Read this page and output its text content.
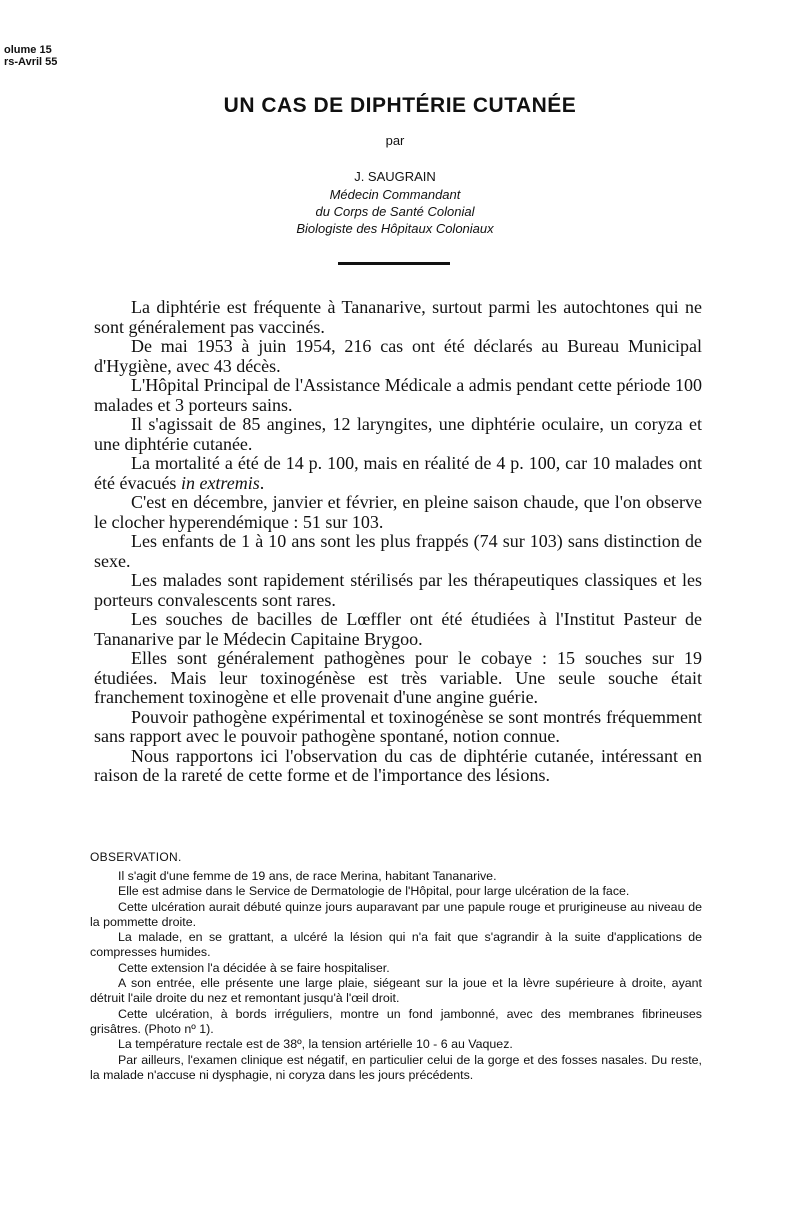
olume 15
rs-Avril 55
UN CAS DE DIPHTÉRIE CUTANÉE
par
J. SAUGRAIN
Médecin Commandant
du Corps de Santé Colonial
Biologiste des Hôpitaux Coloniaux

La diphtérie est fréquente à Tananarive, surtout parmi les autochtones qui ne sont généralement pas vaccinés.

De mai 1953 à juin 1954, 216 cas ont été déclarés au Bureau Municipal d'Hygiène, avec 43 décès.

L'Hôpital Principal de l'Assistance Médicale a admis pendant cette période 100 malades et 3 porteurs sains.

Il s'agissait de 85 angines, 12 laryngites, une diphtérie oculaire, un coryza et une diphtérie cutanée.

La mortalité a été de 14 p. 100, mais en réalité de 4 p. 100, car 10 malades ont été évacués in extremis.

C'est en décembre, janvier et février, en pleine saison chaude, que l'on observe le clocher hyperendémique : 51 sur 103.

Les enfants de 1 à 10 ans sont les plus frappés (74 sur 103) sans distinction de sexe.

Les malades sont rapidement stérilisés par les thérapeutiques classiques et les porteurs convalescents sont rares.

Les souches de bacilles de Lœffler ont été étudiées à l'Institut Pasteur de Tananarive par le Médecin Capitaine Brygoo.

Elles sont généralement pathogènes pour le cobaye : 15 souches sur 19 étudiées. Mais leur toxinogénèse est très variable. Une seule souche était franchement toxinogène et elle provenait d'une angine guérie.

Pouvoir pathogène expérimental et toxinogénèse se sont montrés fréquemment sans rapport avec le pouvoir pathogène spontané, notion connue.

Nous rapportons ici l'observation du cas de diphtérie cutanée, intéressant en raison de la rareté de cette forme et de l'importance des lésions.

OBSERVATION.

Il s'agit d'une femme de 19 ans, de race Merina, habitant Tananarive.

Elle est admise dans le Service de Dermatologie de l'Hôpital, pour large ulcération de la face.

Cette ulcération aurait débuté quinze jours auparavant par une papule rouge et prurigineuse au niveau de la pommette droite.

La malade, en se grattant, a ulcéré la lésion qui n'a fait que s'agrandir à la suite d'applications de compresses humides.

Cette extension l'a décidée à se faire hospitaliser.

A son entrée, elle présente une large plaie, siégeant sur la joue et la lèvre supérieure à droite, ayant détruit l'aile droite du nez et remontant jusqu'à l'œil droit.

Cette ulcération, à bords irréguliers, montre un fond jambonné, avec des membranes fibrineuses grisâtres. (Photo nº 1).

La température rectale est de 38º, la tension artérielle 10 - 6 au Vaquez.

Par ailleurs, l'examen clinique est négatif, en particulier celui de la gorge et des fosses nasales. Du reste, la malade n'accuse ni dysphagie, ni coryza dans les jours précédents.
